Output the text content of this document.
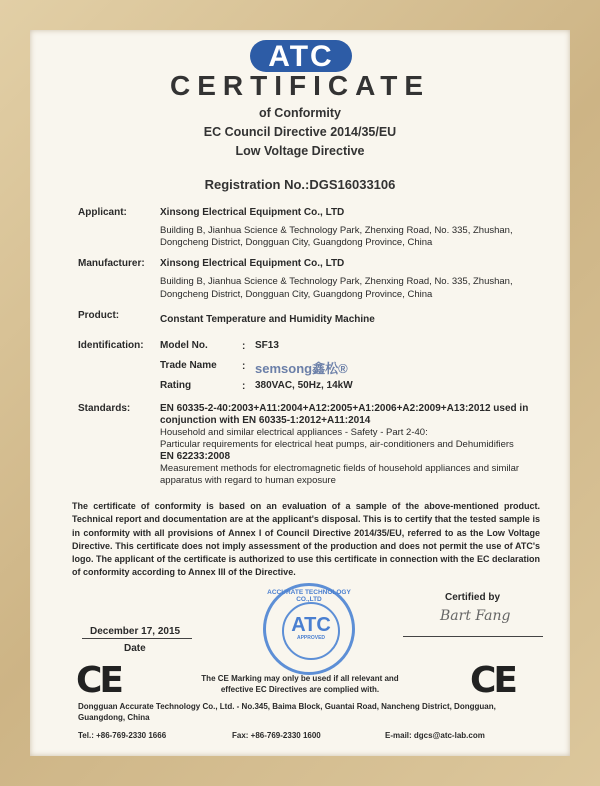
ATC
CERTIFICATE
of Conformity
EC Council Directive 2014/35/EU
Low Voltage Directive
Registration No.:DGS16033106
Applicant:	Xinsong Electrical Equipment Co., LTD
Building B, Jianhua Science & Technology Park, Zhenxing Road, No. 335, Zhushan,
Dongcheng District, Dongguan City, Guangdong Province, China
Manufacturer: Xinsong Electrical Equipment Co., LTD
Building B, Jianhua Science & Technology Park, Zhenxing Road, No. 335, Zhushan,
Dongcheng District, Dongguan City, Guangdong Province, China
Product:	Constant Temperature and Humidity Machine
Identification: Model No.	: SF13
Trade Name	: semsong鑫松®
Rating	: 380VAC, 50Hz, 14kW
Standards:	EN 60335-2-40:2003+A11:2004+A12:2005+A1:2006+A2:2009+A13:2012 used in
conjunction with EN 60335-1:2012+A11:2014
Household and similar electrical appliances - Safety - Part 2-40:
Particular requirements for electrical heat pumps, air-conditioners and Dehumidifiers
EN 62233:2008
Measurement methods for electromagnetic fields of household appliances and similar
apparatus with regard to human exposure
The certificate of conformity is based on an evaluation of a sample of the above-mentioned product. Technical report and documentation are at the applicant's disposal. This is to certify that the tested sample is in conformity with all provisions of Annex I of Council Directive 2014/35/EU, referred to as the Low Voltage Directive. This certificate does not imply assessment of the production and does not permit the use of ATC's logo. The applicant of the certificate is authorized to use this certificate in connection with the EC declaration of conformity according to Annex III of the Directive.
Certified by
Bart Fang
December 17, 2015
Date
ACCURATE TECHNOLOGY CO.,LTD
ATC
APPROVED
CE	CE
The CE Marking may only be used if all relevant and
effective EC Directives are complied with.
Dongguan Accurate Technology Co., Ltd. - No.345, Baima Block, Guantai Road, Nancheng District, Dongguan,
Guangdong, China
Tel.: +86-769-2330 1666	Fax: +86-769-2330 1600	E-mail: dgcs@atc-lab.com
